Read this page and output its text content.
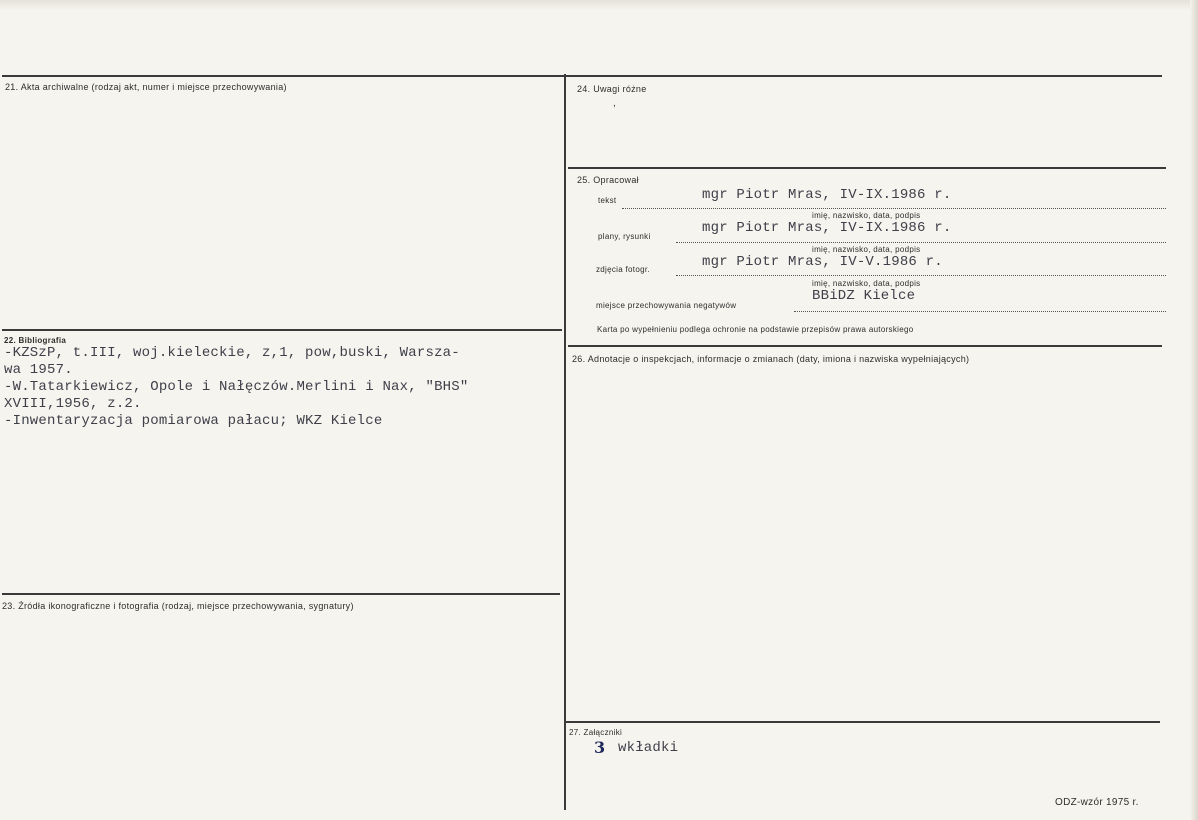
21. Akta archiwalne (rodzaj akt, numer i miejsce przechowywania)
22. Bibliografia
-KZSzP, t.III, woj.kieleckie, z,1, pow,buski, Warsza-
wa 1957.
-W.Tatarkiewicz, Opole i Nałęczów.Merlini i Nax, "BHS"
XVIII,1956, z.2.
-Inwentaryzacja pomiarowa pałacu; WKZ Kielce
23. Źródła ikonograficzne i fotografia (rodzaj, miejsce przechowywania, sygnatury)
24. Uwagi różne
,
25. Opracował
tekst	mgr Piotr Mras, IV-IX.1986 r.
imię, nazwisko, data, podpis
plany, rysunki
mgr Piotr Mras, IV-IX.1986 r.
imię, nazwisko, data, podpis
zdjęcia fotogr.	mgr Piotr Mras, IV-V.1986 r.
imię, nazwisko, data, podpis
miejsce przechowywania negatywów
BBiDZ Kielce
Karta po wypełnieniu podlega ochronie na podstawie przepisów prawa autorskiego
26. Adnotacje o inspekcjach, informacje o zmianach (daty, imiona i nazwiska wypełniających)
27. Załączniki
3 wkładki
ODZ-wzór 1975 r.
